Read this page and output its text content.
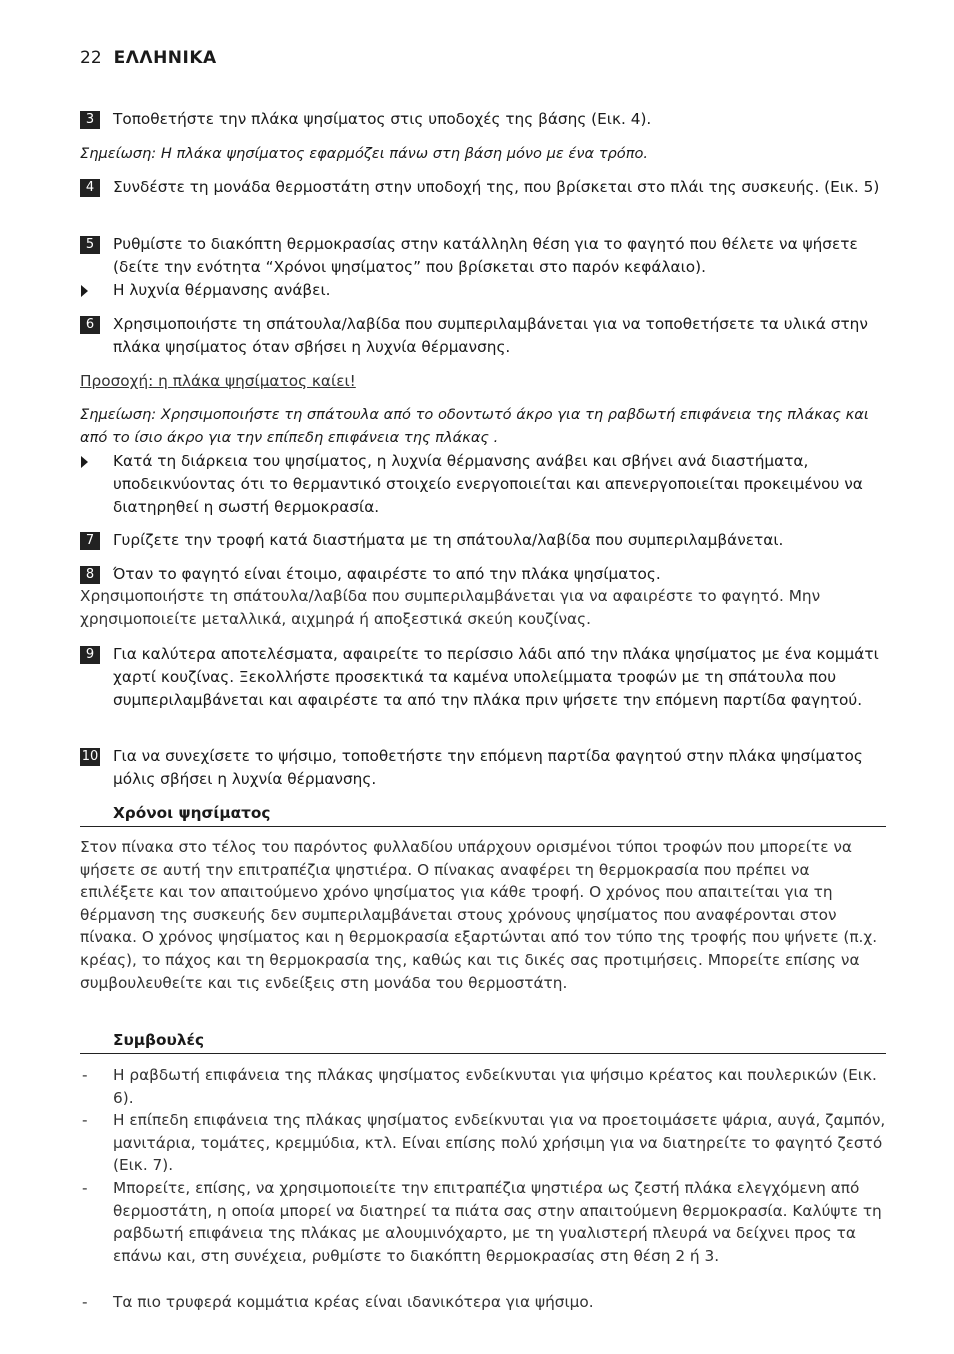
22 ΕΛΛΗΝΙΚΑ
3	Τοποθετήστε την πλάκα ψησίματος στις υποδοχές της βάσης (Εικ. 4).
Σημείωση: Η πλάκα ψησίματος εφαρμόζει πάνω στη βάση μόνο με ένα τρόπο.
4	Συνδέστε τη μονάδα θερμοστάτη στην υποδοχή της, που βρίσκεται στο πλάι της συσκευής. (Εικ. 5)
5	Ρυθμίστε το διακόπτη θερμοκρασίας στην κατάλληλη θέση για το φαγητό που θέλετε να ψήσετε (δείτε την ενότητα “Χρόνοι ψησίματος” που βρίσκεται στο παρόν κεφάλαιο).
Η λυχνία θέρμανσης ανάβει.
6	Χρησιμοποιήστε τη σπάτουλα/λαβίδα που συμπεριλαμβάνεται για να τοποθετήσετε τα υλικά στην πλάκα ψησίματος όταν σβήσει η λυχνία θέρμανσης.
Προσοχή: η πλάκα ψησίματος καίει!
Σημείωση: Χρησιμοποιήστε τη σπάτουλα από το οδοντωτό άκρο για τη ραβδωτή επιφάνεια της πλάκας και από το ίσιο άκρο για την επίπεδη επιφάνεια της πλάκας .
Κατά τη διάρκεια του ψησίματος, η λυχνία θέρμανσης ανάβει και σβήνει ανά διαστήματα, υποδεικνύοντας ότι το θερμαντικό στοιχείο ενεργοποιείται και απενεργοποιείται προκειμένου να διατηρηθεί η σωστή θερμοκρασία.
7	Γυρίζετε την τροφή κατά διαστήματα με τη σπάτουλα/λαβίδα που συμπεριλαμβάνεται.
8	Όταν το φαγητό είναι έτοιμο, αφαιρέστε το από την πλάκα ψησίματος.
Χρησιμοποιήστε τη σπάτουλα/λαβίδα που συμπεριλαμβάνεται για να αφαιρέστε το φαγητό. Μην χρησιμοποιείτε μεταλλικά, αιχμηρά ή αποξεστικά σκεύη κουζίνας.
9	Για καλύτερα αποτελέσματα, αφαιρείτε το περίσσιο λάδι από την πλάκα ψησίματος με ένα κομμάτι χαρτί κουζίνας. Ξεκολλήστε προσεκτικά τα καμένα υπολείμματα τροφών με τη σπάτουλα που συμπεριλαμβάνεται και αφαιρέστε τα από την πλάκα πριν ψήσετε την επόμενη παρτίδα φαγητού.
10 Για να συνεχίσετε το ψήσιμο, τοποθετήστε την επόμενη παρτίδα φαγητού στην πλάκα ψησίματος μόλις σβήσει η λυχνία θέρμανσης.
Χρόνοι ψησίματος
Στον πίνακα στο τέλος του παρόντος φυλλαδίου υπάρχουν ορισμένοι τύποι τροφών που μπορείτε να ψήσετε σε αυτή την επιτραπέζια ψηστιέρα. Ο πίνακας αναφέρει τη θερμοκρασία που πρέπει να επιλέξετε και τον απαιτούμενο χρόνο ψησίματος για κάθε τροφή. Ο χρόνος που απαιτείται για τη θέρμανση της συσκευής δεν συμπεριλαμβάνεται στους χρόνους ψησίματος που αναφέρονται στον πίνακα. Ο χρόνος ψησίματος και η θερμοκρασία εξαρτώνται από τον τύπο της τροφής που ψήνετε (π.χ. κρέας), το πάχος και τη θερμοκρασία της, καθώς και τις δικές σας προτιμήσεις. Μπορείτε επίσης να συμβουλευθείτε και τις ενδείξεις στη μονάδα του θερμοστάτη.
Συμβουλές
- Η ραβδωτή επιφάνεια της πλάκας ψησίματος ενδείκνυται για ψήσιμο κρέατος και πουλερικών (Εικ. 6).
- Η επίπεδη επιφάνεια της πλάκας ψησίματος ενδείκνυται για να προετοιμάσετε ψάρια, αυγά, ζαμπόν, μανιτάρια, τομάτες, κρεμμύδια, κτλ. Είναι επίσης πολύ χρήσιμη για να διατηρείτε το φαγητό ζεστό (Εικ. 7).
- Μπορείτε, επίσης, να χρησιμοποιείτε την επιτραπέζια ψηστιέρα ως ζεστή πλάκα ελεγχόμενη από θερμοστάτη, η οποία μπορεί να διατηρεί τα πιάτα σας στην απαιτούμενη θερμοκρασία. Καλύψτε τη ραβδωτή επιφάνεια της πλάκας με αλουμινόχαρτο, με τη γυαλιστερή πλευρά να δείχνει προς τα επάνω και, στη συνέχεια, ρυθμίστε το διακόπτη θερμοκρασίας στη θέση 2 ή 3.
- Τα πιο τρυφερά κομμάτια κρέας είναι ιδανικότερα για ψήσιμο.
